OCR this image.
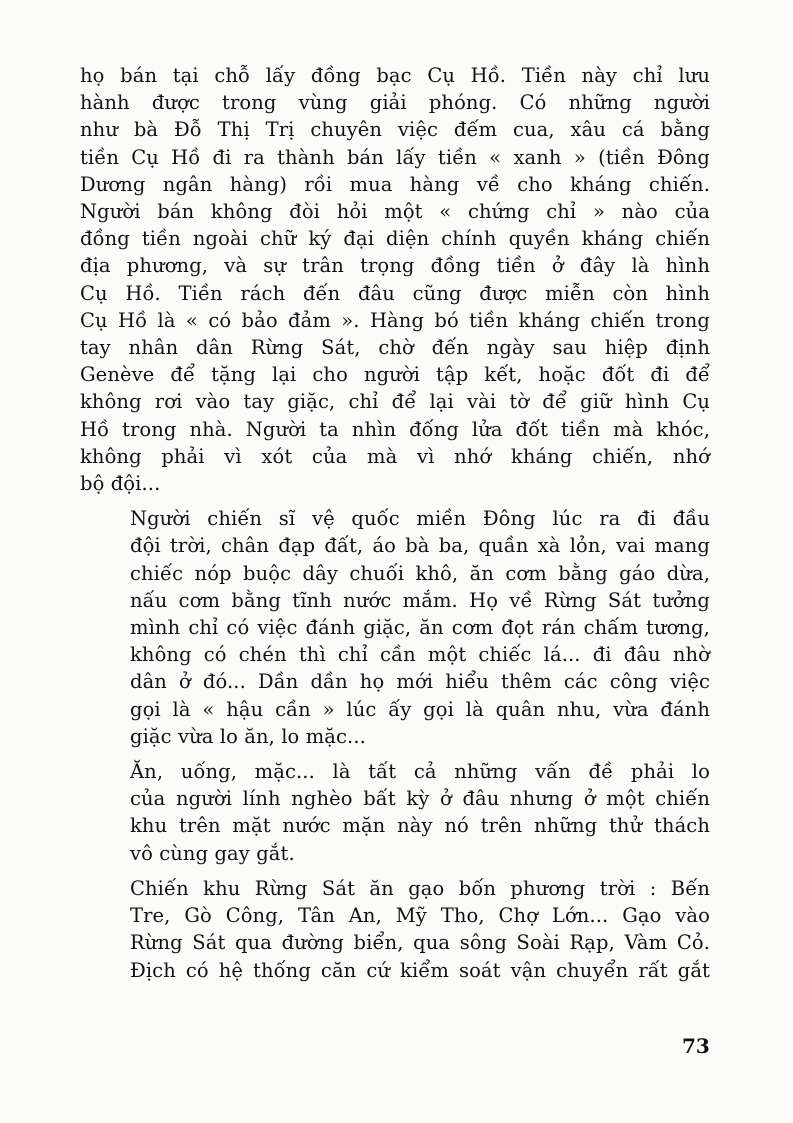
họ bán tại chỗ lấy đồng bạc Cụ Hồ. Tiền này chỉ lưu
hành được trong vùng giải phóng. Có những người
như bà Đỗ Thị Trị chuyên việc đếm cua, xâu cá bằng
tiền Cụ Hồ đi ra thành bán lấy tiền « xanh » (tiền Đông
Dương ngân hàng) rồi mua hàng về cho kháng chiến.
Người bán không đòi hỏi một « chứng chỉ » nào của
đồng tiền ngoài chữ ký đại diện chính quyền kháng chiến
địa phương, và sự trân trọng đồng tiền ở đây là hình
Cụ Hồ. Tiền rách đến đâu cũng được miễn còn hình
Cụ Hồ là « có bảo đảm ». Hàng bó tiền kháng chiến trong
tay nhân dân Rừng Sát, chờ đến ngày sau hiệp định
Genève để tặng lại cho người tập kết, hoặc đốt đi để
không rơi vào tay giặc, chỉ để lại vài tờ để giữ hình Cụ
Hồ trong nhà. Người ta nhìn đống lửa đốt tiền mà khóc,
không phải vì xót của mà vì nhớ kháng chiến, nhớ
bộ đội...
Người chiến sĩ vệ quốc miền Đông lúc ra đi đầu
đội trời, chân đạp đất, áo bà ba, quần xà lỏn, vai mang
chiếc nóp buộc dây chuối khô, ăn cơm bằng gáo dừa,
nấu cơm bằng tĩnh nước mắm. Họ về Rừng Sát tưởng
mình chỉ có việc đánh giặc, ăn cơm đọt rán chấm tương,
không có chén thì chỉ cần một chiếc lá... đi đâu nhờ
dân ở đó... Dần dần họ mới hiểu thêm các công việc
gọi là « hậu cần » lúc ấy gọi là quân nhu, vừa đánh
giặc vừa lo ăn, lo mặc...
Ăn, uống, mặc... là tất cả những vấn đề phải lo
của người lính nghèo bất kỳ ở đâu nhưng ở một chiến
khu trên mặt nước mặn này nó trên những thử thách
vô cùng gay gắt.
Chiến khu Rừng Sát ăn gạo bốn phương trời : Bến
Tre, Gò Công, Tân An, Mỹ Tho, Chợ Lớn... Gạo vào
Rừng Sát qua đường biển, qua sông Soài Rạp, Vàm Cỏ.
Địch có hệ thống căn cứ kiểm soát vận chuyển rất gắt
73
